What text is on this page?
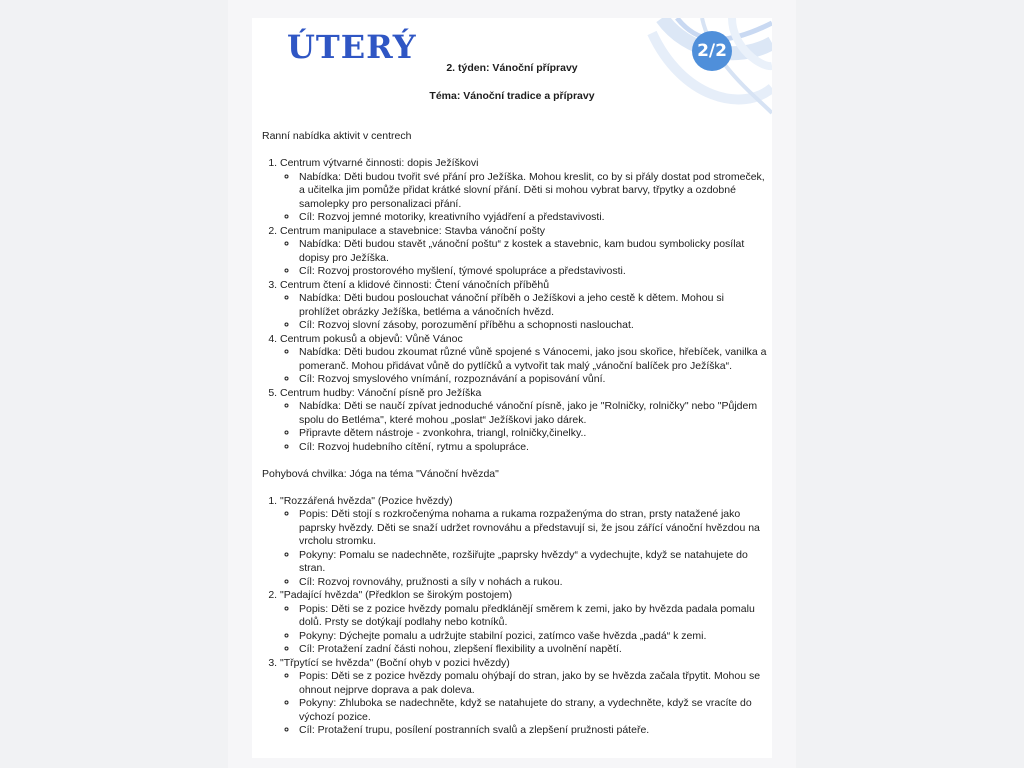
ÚTERÝ	2/2
2. týden: Vánoční přípravy
Téma: Vánoční tradice a přípravy

Ranní nabídka aktivit v centrech

1. Centrum výtvarné činnosti: dopis Ježíškovi
◦ Nabídka: Děti budou tvořit své přání pro Ježíška. Mohou kreslit, co by si přály dostat pod stromeček, a učitelka jim pomůže přidat krátké slovní přání. Děti si mohou vybrat barvy, třpytky a ozdobné samolepky pro personalizaci přání.
◦ Cíl: Rozvoj jemné motoriky, kreativního vyjádření a představivosti.
2. Centrum manipulace a stavebnice: Stavba vánoční pošty
◦ Nabídka: Děti budou stavět „vánoční poštu“ z kostek a stavebnic, kam budou symbolicky posílat dopisy pro Ježíška.
◦ Cíl: Rozvoj prostorového myšlení, týmové spolupráce a představivosti.
3. Centrum čtení a klidové činnosti: Čtení vánočních příběhů
◦ Nabídka: Děti budou poslouchat vánoční příběh o Ježíškovi a jeho cestě k dětem. Mohou si prohlížet obrázky Ježíška, betléma a vánočních hvězd.
◦ Cíl: Rozvoj slovní zásoby, porozumění příběhu a schopnosti naslouchat.
4. Centrum pokusů a objevů: Vůně Vánoc
◦ Nabídka: Děti budou zkoumat různé vůně spojené s Vánocemi, jako jsou skořice, hřebíček, vanilka a pomeranč. Mohou přidávat vůně do pytlíčků a vytvořit tak malý „vánoční balíček pro Ježíška“.
◦ Cíl: Rozvoj smyslového vnímání, rozpoznávání a popisování vůní.
5. Centrum hudby: Vánoční písně pro Ježíška
◦ Nabídka: Děti se naučí zpívat jednoduché vánoční písně, jako je "Rolničky, rolničky" nebo "Půjdem spolu do Betléma", které mohou „poslat“ Ježíškovi jako dárek.
◦ Připravte dětem nástroje - zvonkohra, triangl, rolničky,činelky..
◦ Cíl: Rozvoj hudebního cítění, rytmu a spolupráce.

Pohybová chvilka: Jóga na téma "Vánoční hvězda"

1. "Rozzářená hvězda" (Pozice hvězdy)
◦ Popis: Děti stojí s rozkročenýma nohama a rukama rozpaženýma do stran, prsty natažené jako paprsky hvězdy. Děti se snaží udržet rovnováhu a představují si, že jsou zářící vánoční hvězdou na vrcholu stromku.
◦ Pokyny: Pomalu se nadechněte, rozšiřujte „paprsky hvězdy“ a vydechujte, když se natahujete do stran.
◦ Cíl: Rozvoj rovnováhy, pružnosti a síly v nohách a rukou.
2. "Padající hvězda" (Předklon se širokým postojem)
◦ Popis: Děti se z pozice hvězdy pomalu předklánějí směrem k zemi, jako by hvězda padala pomalu dolů. Prsty se dotýkají podlahy nebo kotníků.
◦ Pokyny: Dýchejte pomalu a udržujte stabilní pozici, zatímco vaše hvězda „padá“ k zemi.
◦ Cíl: Protažení zadní části nohou, zlepšení flexibility a uvolnění napětí.
3. "Třpytící se hvězda" (Boční ohyb v pozici hvězdy)
◦ Popis: Děti se z pozice hvězdy pomalu ohýbají do stran, jako by se hvězda začala třpytit. Mohou se ohnout nejprve doprava a pak doleva.
◦ Pokyny: Zhluboka se nadechněte, když se natahujete do strany, a vydechněte, když se vracíte do výchozí pozice.
◦ Cíl: Protažení trupu, posílení postranních svalů a zlepšení pružnosti páteře.
